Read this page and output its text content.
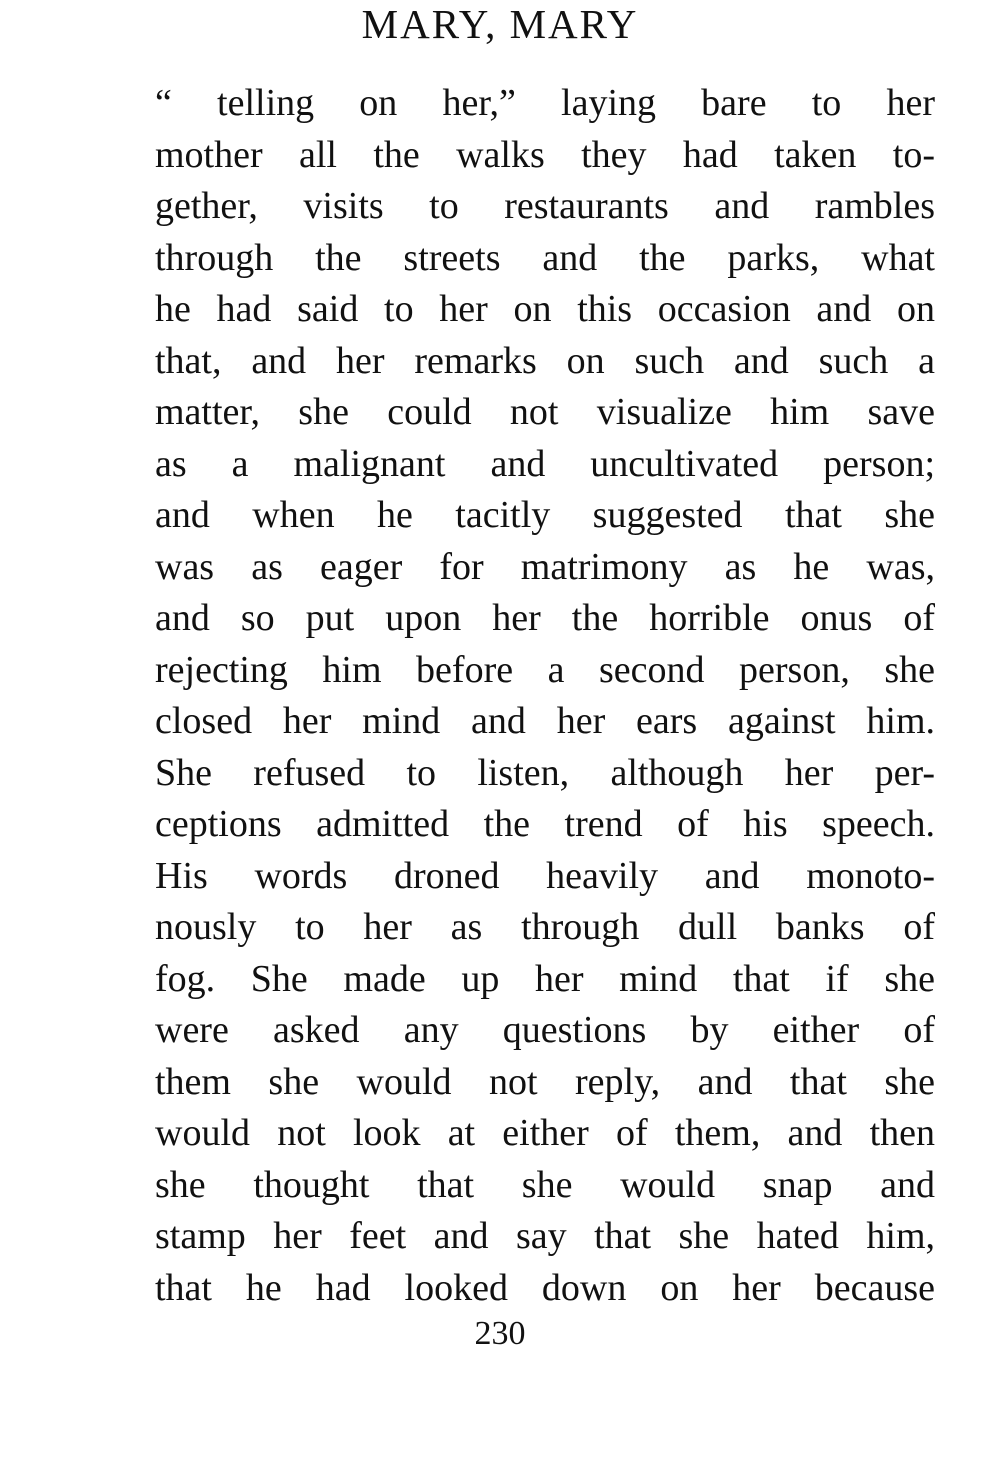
MARY, MARY
“ telling on her,” laying bare to her
mother all the walks they had taken to-
gether, visits to restaurants and rambles
through the streets and the parks, what
he had said to her on this occasion and on
that, and her remarks on such and such a
matter, she could not visualize him save
as a malignant and uncultivated person;
and when he tacitly suggested that she
was as eager for matrimony as he was,
and so put upon her the horrible onus of
rejecting him before a second person, she
closed her mind and her ears against him.
She refused to listen, although her per-
ceptions admitted the trend of his speech.
His words droned heavily and monoto-
nously to her as through dull banks of
fog. She made up her mind that if she
were asked any questions by either of
them she would not reply, and that she
would not look at either of them, and then
she thought that she would snap and
stamp her feet and say that she hated him,
that he had looked down on her because
230
